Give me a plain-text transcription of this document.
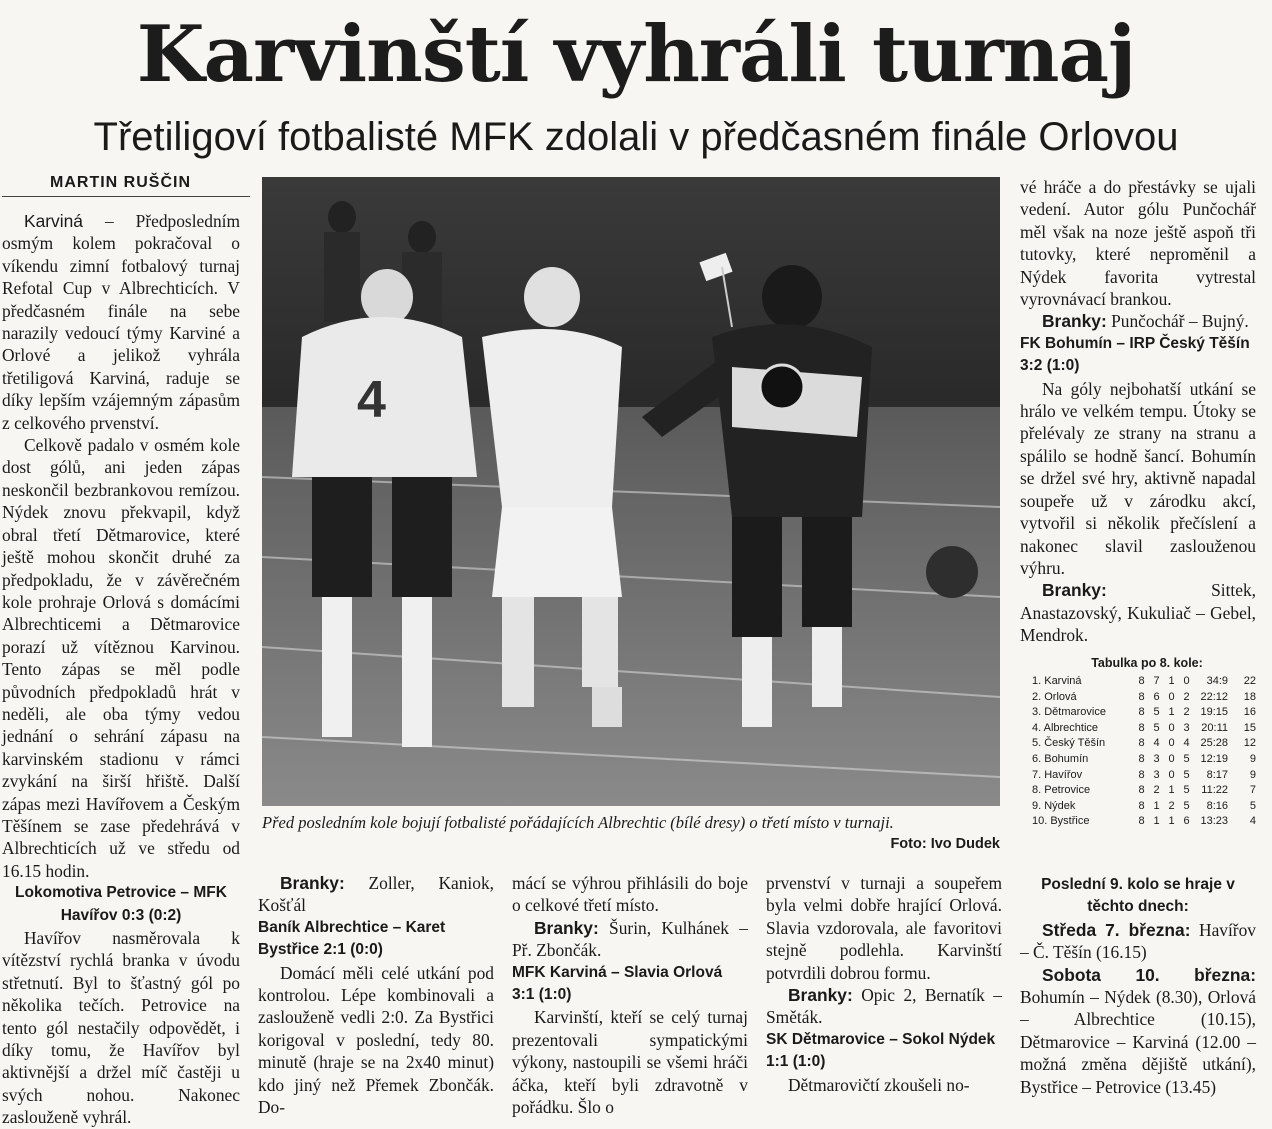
Karvinští vyhráli turnaj
Třetiligoví fotbalisté MFK zdolali v předčasném finále Orlovou
MARTIN RUŠČIN

Karviná – Předposledním osmým kolem pokračoval o víkendu zimní fotbalový turnaj Refotal Cup v Albrechticích. V předčasném finále na sebe narazily vedoucí týmy Karviné a Orlové a jelikož vyhrála třetiligová Karviná, raduje se díky lepším vzájemným zápasům z celkového prvenství.

Celkově padalo v osmém kole dost gólů, ani jeden zápas neskončil bezbrankovou remízou. Nýdek znovu překvapil, když obral třetí Dětmarovice, které ještě mohou skončit druhé za předpokladu, že v závěrečném kole prohraje Orlová s domácími Albrechticemi a Dětmarovice porazí už vítěznou Karvinou. Tento zápas se měl podle původních předpokladů hrát v neděli, ale oba týmy vedou jednání o sehrání zápasu na karvinském stadionu v rámci zvykání na širší hřiště. Další zápas mezi Havířovem a Českým Těšínem se zase předehrává v Albrechticích už ve středu od 16.15 hodin.

Lokomotiva Petrovice – MFK Havířov 0:3 (0:2)

Havířov nasměrovala k vítězství rychlá branka v úvodu střetnutí. Byl to šťastný gól po několika tečích. Petrovice na tento gól nestačily odpovědět, i díky tomu, že Havířov byl aktivnější a držel míč častěji u svých nohou. Nakonec zaslouženě vyhrál.

4
Před posledním kole bojují fotbalisté pořádajících Albrechtic (bílé dresy) o třetí místo v turnaji.
Foto: Ivo Dudek

vé hráče a do přestávky se ujali vedení. Autor gólu Punčochář měl však na noze ještě aspoň tři tutovky, které neproměnil a Nýdek favorita vytrestal vyrovnávací brankou.

Branky: Punčochář – Bujný.

FK Bohumín – IRP Český Těšín 3:2 (1:0)

Na góly nejbohatší utkání se hrálo ve velkém tempu. Útoky se přelévaly ze strany na stranu a spálilo se hodně šancí. Bohumín se držel své hry, aktivně napadal soupeře už v zárodku akcí, vytvořil si několik přečíslení a nakonec slavil zaslouženou výhru.

Branky: Sittek, Anastazovský, Kukuliač – Gebel, Mendrok.

Tabulka po 8. kole:
1. Karviná	8	7	1	0	34:9	22
2. Orlová	8	6	0	2	22:12	18
3. Dětmarovice	8	5	1	2	19:15	16
4. Albrechtice	8	5	0	3	20:11	15
5. Český Těšín	8	4	0	4	25:28	12
6. Bohumín	8	3	0	5	12:19	9
7. Havířov	8	3	0	5	8:17	9
8. Petrovice	8	2	1	5	11:22	7
9. Nýdek	8	1	2	5	8:16	5
10. Bystřice	8	1	1	6	13:23	4

Branky: Zoller, Kaniok, Košťál

Baník Albrechtice – Karet Bystřice 2:1 (0:0)

Domácí měli celé utkání pod kontrolou. Lépe kombinovali a zaslouženě vedli 2:0. Za Bystřici korigoval v poslední, tedy 80. minutě (hraje se na 2x40 minut) kdo jiný než Přemek Zbončák. Do-

mácí se výhrou přihlásili do boje o celkové třetí místo.

Branky: Šurin, Kulhánek – Př. Zbončák.

MFK Karviná – Slavia Orlová 3:1 (1:0)

Karvinští, kteří se celý turnaj prezentovali sympatickými výkony, nastoupili se všemi hráči áčka, kteří byli zdravotně v pořádku. Šlo o

prvenství v turnaji a soupeřem byla velmi dobře hrající Orlová. Slavia vzdorovala, ale favoritovi stejně podlehla. Karvinští potvrdili dobrou formu.

Branky: Opic 2, Bernatík – Směták.

SK Dětmarovice – Sokol Nýdek 1:1 (1:0)

Dětmarovičtí zkoušeli no-

Poslední 9. kolo se hraje v těchto dnech:

Středa 7. března: Havířov – Č. Těšín (16.15)

Sobota 10. března: Bohumín – Nýdek (8.30), Orlová – Albrechtice (10.15), Dětmarovice – Karviná (12.00 – možná změna dějiště utkání), Bystřice – Petrovice (13.45)
